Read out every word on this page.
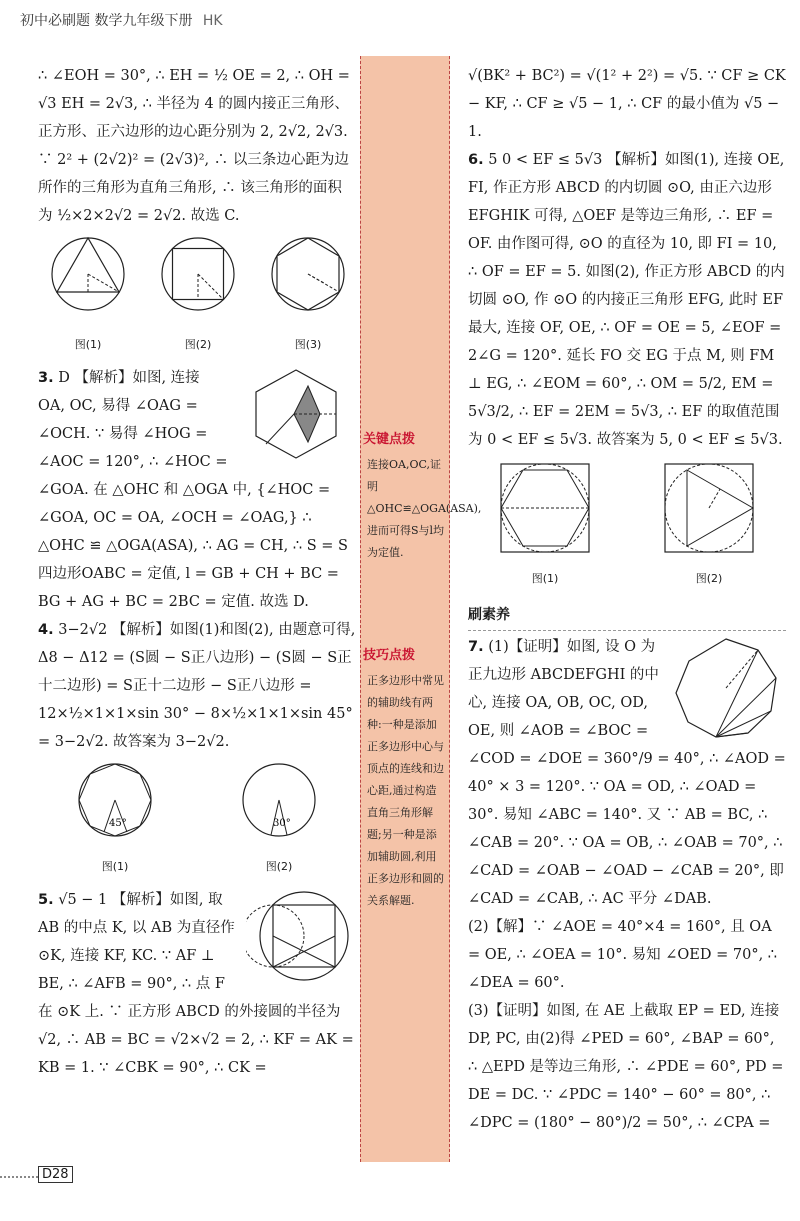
初中必刷题 数学九年级下册 HK

∴ ∠EOH = 30°, ∴ EH = ½ OE = 2, ∴ OH = √3 EH = 2√3, ∴ 半径为 4 的圆内接正三角形、正方形、正六边形的边心距分别为 2, 2√2, 2√3. ∵ 2² + (2√2)² = (2√3)², ∴ 以三条边心距为边所作的三角形为直角三角形, ∴ 该三角形的面积为 ½×2×2√2 = 2√2. 故选 C.

图(1)	图(2)	图(3)

3. D 【解析】如图, 连接 OA, OC, 易得 ∠OAG = ∠OCH. ∵ 易得 ∠HOG = ∠AOC = 120°, ∴ ∠HOC = ∠GOA. 在 △OHC 和 △OGA 中, {∠HOC = ∠GOA, OC = OA, ∠OCH = ∠OAG,} ∴ △OHC ≌ △OGA(ASA), ∴ AG = CH, ∴ S = S四边形OABC = 定值, l = GB + CH + BC = BG + AG + BC = 2BC = 定值. 故选 D.

4. 3−2√2 【解析】如图(1)和图(2), 由题意可得, Δ8 − Δ12 = (S圆 − S正八边形) − (S圆 − S正十二边形) = S正十二边形 − S正八边形 = 12×½×1×1×sin 30° − 8×½×1×1×sin 45° = 3−2√2. 故答案为 3−2√2.

45°
图(1)
30°
图(2)

5. √5 − 1 【解析】如图, 取 AB 的中点 K, 以 AB 为直径作 ⊙K, 连接 KF, KC. ∵ AF ⊥ BE, ∴ ∠AFB = 90°, ∴ 点 F 在 ⊙K 上. ∵ 正方形 ABCD 的外接圆的半径为 √2, ∴ AB = BC = √2×√2 = 2, ∴ KF = AK = KB = 1. ∵ ∠CBK = 90°, ∴ CK =

关键点拨
连接OA,OC,证明△OHC≌△OGA(ASA),进而可得S与l均为定值.
技巧点拨
正多边形中常见的辅助线有两种:一种是添加正多边形中心与顶点的连线和边心距,通过构造直角三角形解题;另一种是添加辅助圆,利用正多边形和圆的关系解题.

√(BK² + BC²) = √(1² + 2²) = √5. ∵ CF ≥ CK − KF, ∴ CF ≥ √5 − 1, ∴ CF 的最小值为 √5 − 1.

6. 5 0 < EF ≤ 5√3 【解析】如图(1), 连接 OE, FI, 作正方形 ABCD 的内切圆 ⊙O, 由正六边形 EFGHIK 可得, △OEF 是等边三角形, ∴ EF = OF. 由作图可得, ⊙O 的直径为 10, 即 FI = 10, ∴ OF = EF = 5. 如图(2), 作正方形 ABCD 的内切圆 ⊙O, 作 ⊙O 的内接正三角形 EFG, 此时 EF 最大, 连接 OF, OE, ∴ OF = OE = 5, ∠EOF = 2∠G = 120°. 延长 FO 交 EG 于点 M, 则 FM ⊥ EG, ∴ ∠EOM = 60°, ∴ OM = 5/2, EM = 5√3/2, ∴ EF = 2EM = 5√3, ∴ EF 的取值范围为 0 < EF ≤ 5√3. 故答案为 5, 0 < EF ≤ 5√3.

图(1)	图(2)
刷素养

7. (1)【证明】如图, 设 O 为正九边形 ABCDEFGHI 的中心, 连接 OA, OB, OC, OD, OE, 则 ∠AOB = ∠BOC = ∠COD = ∠DOE = 360°/9 = 40°, ∴ ∠AOD = 40° × 3 = 120°. ∵ OA = OD, ∴ ∠OAD = 30°. 易知 ∠ABC = 140°. 又 ∵ AB = BC, ∴ ∠CAB = 20°. ∵ OA = OB, ∴ ∠OAB = 70°, ∴ ∠CAD = ∠OAB − ∠OAD − ∠CAB = 20°, 即 ∠CAD = ∠CAB, ∴ AC 平分 ∠DAB.

(2)【解】∵ ∠AOE = 40°×4 = 160°, 且 OA = OE, ∴ ∠OEA = 10°. 易知 ∠OED = 70°, ∴ ∠DEA = 60°.

(3)【证明】如图, 在 AE 上截取 EP = ED, 连接 DP, PC, 由(2)得 ∠PED = 60°, ∠BAP = 60°, ∴ △EPD 是等边三角形, ∴ ∠PDE = 60°, PD = DE = DC. ∵ ∠PDC = 140° − 60° = 80°, ∴ ∠DPC = (180° − 80°)/2 = 50°, ∴ ∠CPA =

D28
